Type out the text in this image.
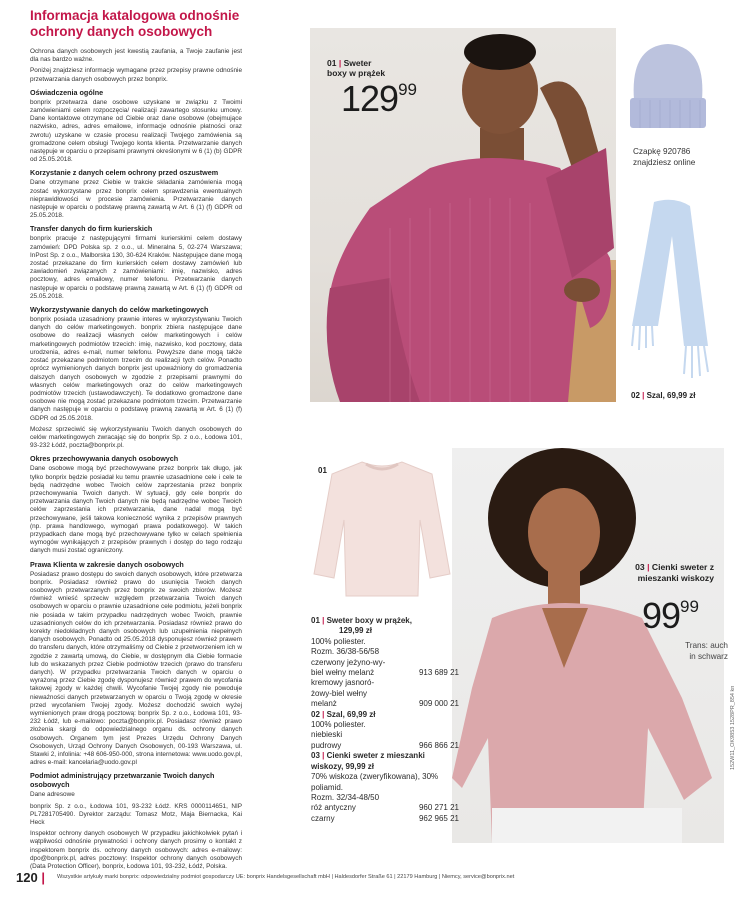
Informacja katalogowa odnośnie ochrony danych osobowych

Ochrona danych osobowych jest kwestią zaufania, a Twoje zaufanie jest dla nas bardzo ważne.

Poniżej znajdziesz informacje wymagane przez przepisy prawne odnośnie przetwarzania danych osobowych przez bonprix.

Oświadczenia ogólne

bonprix przetwarza dane osobowe uzyskane w związku z Twoimi zamówieniami celem rozpoczęcia/ realizacji zawartego stosunku umowy. Dane kontaktowe otrzymane od Ciebie oraz dane osobowe (obejmujące nazwisko, adres, adres emailowe, informacje odnośnie płatności oraz zwrotu) uzyskane w czasie procesu realizacji Twojego zamówienia są gromadzone celem obsługi Twojego konta klienta. Przetwarzanie danych następuje w oparciu o przepisami prawnymi określonymi w 6 (1) (b) GDPR od 25.05.2018.

Korzystanie z danych celem ochrony przed oszustwem

Dane otrzymane przez Ciebie w trakcie składania zamówienia mogą zostać wykorzystane przez bonprix celem sprawdzenia ewentualnych nieprawidłowości w procesie zamówienia. Przetwarzanie danych następuje w oparciu o podstawę prawną zawartą w Art. 6 (1) (f) GDPR od 25.05.2018.

Transfer danych do firm kurierskich

bonprix pracuje z następującymi firmami kurierskimi celem dostawy zamówień: DPD Polska sp. z o.o., ul. Mineralna 5, 02-274 Warszawa; InPost Sp. z o.o., Malborska 130, 30-624 Kraków. Następujące dane mogą zostać przekazane do firm kurierskich celem dostawy zamówień lub zawiadomień związanych z zamówieniami: imię, nazwisko, adres pocztowy, adres emailowy, numer telefonu. Przetwarzanie danych następuje w oparciu o podstawę prawną zawartą w Art. 6 (1) (f) GDPR od 25.05.2018.

Wykorzystywanie danych do celów marketingowych

bonprix posiada uzasadniony prawnie interes w wykorzystywaniu Twoich danych do celów marketingowych. bonprix zbiera następujące dane osobowe do realizacji własnych celów marketingowych i celów marketingowych podmiotów trzecich: imię, nazwisko, kod pocztowy, data urodzenia, adres e-mail, numer telefonu. Powyższe dane mogą także zostać przekazane podmiotom trzecim do realizacji tych celów. Ponadto oprócz wymienionych danych bonprix jest upoważniony do gromadzenia dalszych danych osobowych w zgodzie z przepisami prawnymi do własnych celów marketingowych oraz do celów marketingowych podmiotów trzecich (ustawodawczych). Te dodatkowo gromadzone dane osobowe nie mogą zostać przekazane podmiotom trzecim. Przetwarzanie danych następuje w oparciu o podstawę prawną zawartą w Art. 6 (1) (f) GDPR od 25.05.2018.

Możesz sprzeciwić się wykorzystywaniu Twoich danych osobowych do celów marketingowych zwracając się do bonprix Sp. z o.o., Łodowa 101, 93-232 Łódź, poczta@bonprix.pl.

Okres przechowywania danych osobowych

Dane osobowe mogą być przechowywane przez bonprix tak długo, jak tylko bonprix będzie posiadał ku temu prawnie uzasadnione cele i cele te będą nadrzędne wobec Twoich celów zaprzestania przez bonprix przechowywania Twoich danych. W sytuacji, gdy cele bonprix do przetwarzania danych Twoich danych nie będą nadrzędne wobec Twoich celów zaprzestania ich przetwarzania, dane nadal mogą być przechowywane, jeśli takowa konieczność wynika z przepisów prawnych (np. prawa handlowego, wymogań prawa podatkowego). W takich przypadkach dane mogą być przechowywane tylko w celach spełnienia wymogów wynikających z przepisów prawnych i dostęp do tego rodzaju danych musi zostać ograniczony.

Prawa Klienta w zakresie danych osobowych

Posiadasz prawo dostępu do swoich danych osobowych, które przetwarza bonprix. Posiadasz również prawo do usunięcia Twoich danych osobowych przetwarzanych przez bonprix ze swoich zbiorów. Możesz również wnieść sprzeciw względem przetwarzania Twoich danych osobowych w oparciu o prawnie uzasadnione cele podmiotu, jeżeli bonprix nie posiada w takim przypadku nadrzędnych wobec Twoich, prawnie uzasadnionych celów do ich przetwarzania. Posiadasz również prawo do korekty niedokładnych danych osobowych lub uzupełnienia niepełnych danych osobowych. Ponadto od 25.05.2018 dysponujesz również prawem do transferu danych, które otrzymaliśmy od Ciebie z przetworzeniem ich w zgodzie z zawartą umową, do Ciebie, w dostępnym dla Ciebie formacie lub do wskazanych przez Ciebie podmiotów trzecich (prawo do transferu danych). W przypadku przetwarzania Twoich danych w oparciu o wyrażoną przez Ciebie zgodę dysponujesz również prawem do wycofania takowej zgody w każdej chwili. Wycofanie Twojej zgody nie powoduje nieważności danych przetwarzanych w oparciu o Twoją zgodę w okresie przed wycofaniem Twojej zgody. Możesz dochodzić swoich wyżej wymienionych praw drogą pocztową: bonprix Sp. z o.o., Łodowa 101, 93-232 Łódź, lub e-mailowo: poczta@bonprix.pl. Posiadasz również prawo złożenia skargi do odpowiedzialnego organu ds. ochrony danych osobowych. Organem tym jest Prezes Urzędu Ochrony Danych Osobowych, Urząd Ochrony Danych Osobowych, 00-193 Warszawa, ul. Stawki 2, infolinia: +48 606-950-000, strona internetowa: www.uodo.gov.pl, adres e-mail: kancelaria@uodo.gov.pl

Podmiot administrujący przetwarzanie Twoich danych osobowych

Dane adresowe

bonprix Sp. z o.o., Łodowa 101, 93-232 Łódź. KRS 0000114651, NIP PL7281705490. Dyrektor zarządu: Tomasz Motz, Maja Biernacka, Kai Heck

Inspektor ochrony danych osobowych W przypadku jakichkolwiek pytań i wątpliwości odnośnie prywatności i ochrony danych prosimy o kontakt z inspektorem bonprix ds. ochrony danych osobowych: adres e-mailowy: dpo@bonprix.pl, adres pocztowy: Inspektor ochrony danych osobowych (Data Protection Officer), bonprix, Łodowa 101, 93-232, Łódź, Polska.

01 | Sweter boxy w prążek
$129^{99}$
Czapkę 920786 znajdziesz online
02 | Szal, 69,99 zł
01
03 | Cienki sweter z mieszanki wiskozy
$99^{99}$
Trans: auch in schwarz
01 | Sweter boxy w prążek,
129,99 zł
100% poliester.
Rozm. 36/38-56/58
czerwony jeżyno-wy-biel wełny melanż	913 689 21
kremowy jasnoró-żowy-biel wełny melanż	909 000 21
02 | Szal, 69,99 zł
100% poliester.
niebieski pudrowy	966 866 21
03 | Cienki sweter z mieszanki wiskozy, 99,99 zł
70% wiskoza (zweryfikowana), 30% poliamid.
Rozm. 32/34-48/50
róż antyczny	960 271 21
czarny	962 965 21
120 | Wszystkie artykuły marki bonprix: odpowiedzialny podmiot gospodarczy UE: bonprix Handelsgesellschaft mbH | Haldesdorfer Straße 61 | 22179 Hamburg | Niemcy, service@bonprix.net
152W11_OK9853 1528PR_854 kn
